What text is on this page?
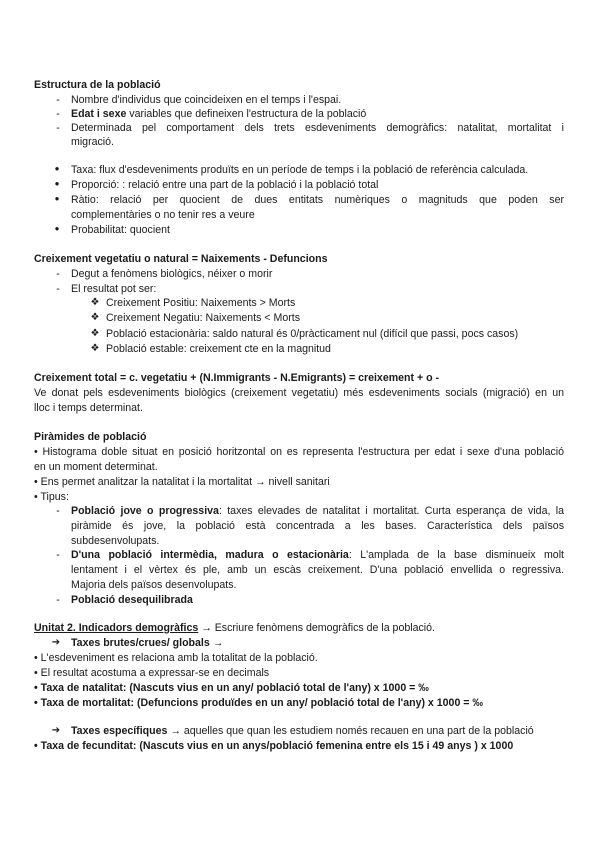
Estructura de la població
-	Nombre d'individus que coincideixen en el temps i l'espai.
-	Edat i sexe variables que defineixen l'estructura de la població
-	Determinada pel comportament dels trets esdeveniments demogràfics: natalitat, mortalitat i
migració.
●	Taxa: flux d'esdeveniments produïts en un període de temps i la població de referència calculada.
●	Proporció: : relació entre una part de la població i la població total
●	Ràtio: relació per quocient de dues entitats numèriques o magnituds que poden ser
complementàries o no tenir res a veure
●	Probabilitat: quocient
Creixement vegetatiu o natural = Naixements - Defuncions
-	Degut a fenòmens biològics, néixer o morir
-	El resultat pot ser:
❖ Creixement Positiu: Naixements > Morts
❖ Creixement Negatiu: Naixements < Morts
❖ Població estacionària: saldo natural és 0/pràcticament nul (difícil que passi, pocs casos)
❖ Població estable: creixement cte en la magnitud
Creixement total = c. vegetatiu + (N.Immigrants - N.Emigrants) = creixement + o -
Ve donat pels esdeveniments biològics (creixement vegetatiu) més esdeveniments socials (migració) en un
lloc i temps determinat.
Piràmides de població
• Histograma doble situat en posició horitzontal on es representa l'estructura per edat i sexe d'una població
en un moment determinat.
• Ens permet analitzar la natalitat i la mortalitat → nivell sanitari
• Tipus:
-	Població jove o progressiva: taxes elevades de natalitat i mortalitat. Curta esperança de vida, la
piràmide és jove, la població està concentrada a les bases. Característica dels països
subdesenvolupats.
-	D'una població intermèdia, madura o estacionària: L'amplada de la base disminueix molt
lentament i el vèrtex és ple, amb un escàs creixement. D'una població envellida o regressiva.
Majoria dels països desenvolupats.
-	Població desequilibrada
Unitat 2. Indicadors demogràfics → Escriure fenòmens demogràfics de la població.
➔ Taxes brutes/crues/ globals →
• L'esdeveniment es relaciona amb la totalitat de la població.
• El resultat acostuma a expressar-se en decimals
• Taxa de natalitat: (Nascuts vius en un any/ població total de l'any) x 1000 = ‰
• Taxa de mortalitat: (Defuncions produïdes en un any/ població total de l'any) x 1000 = ‰
➔ Taxes específiques → aquelles que quan les estudiem només recauen en una part de la població
• Taxa de fecunditat: (Nascuts vius en un anys/població femenina entre els 15 i 49 anys ) x 1000
